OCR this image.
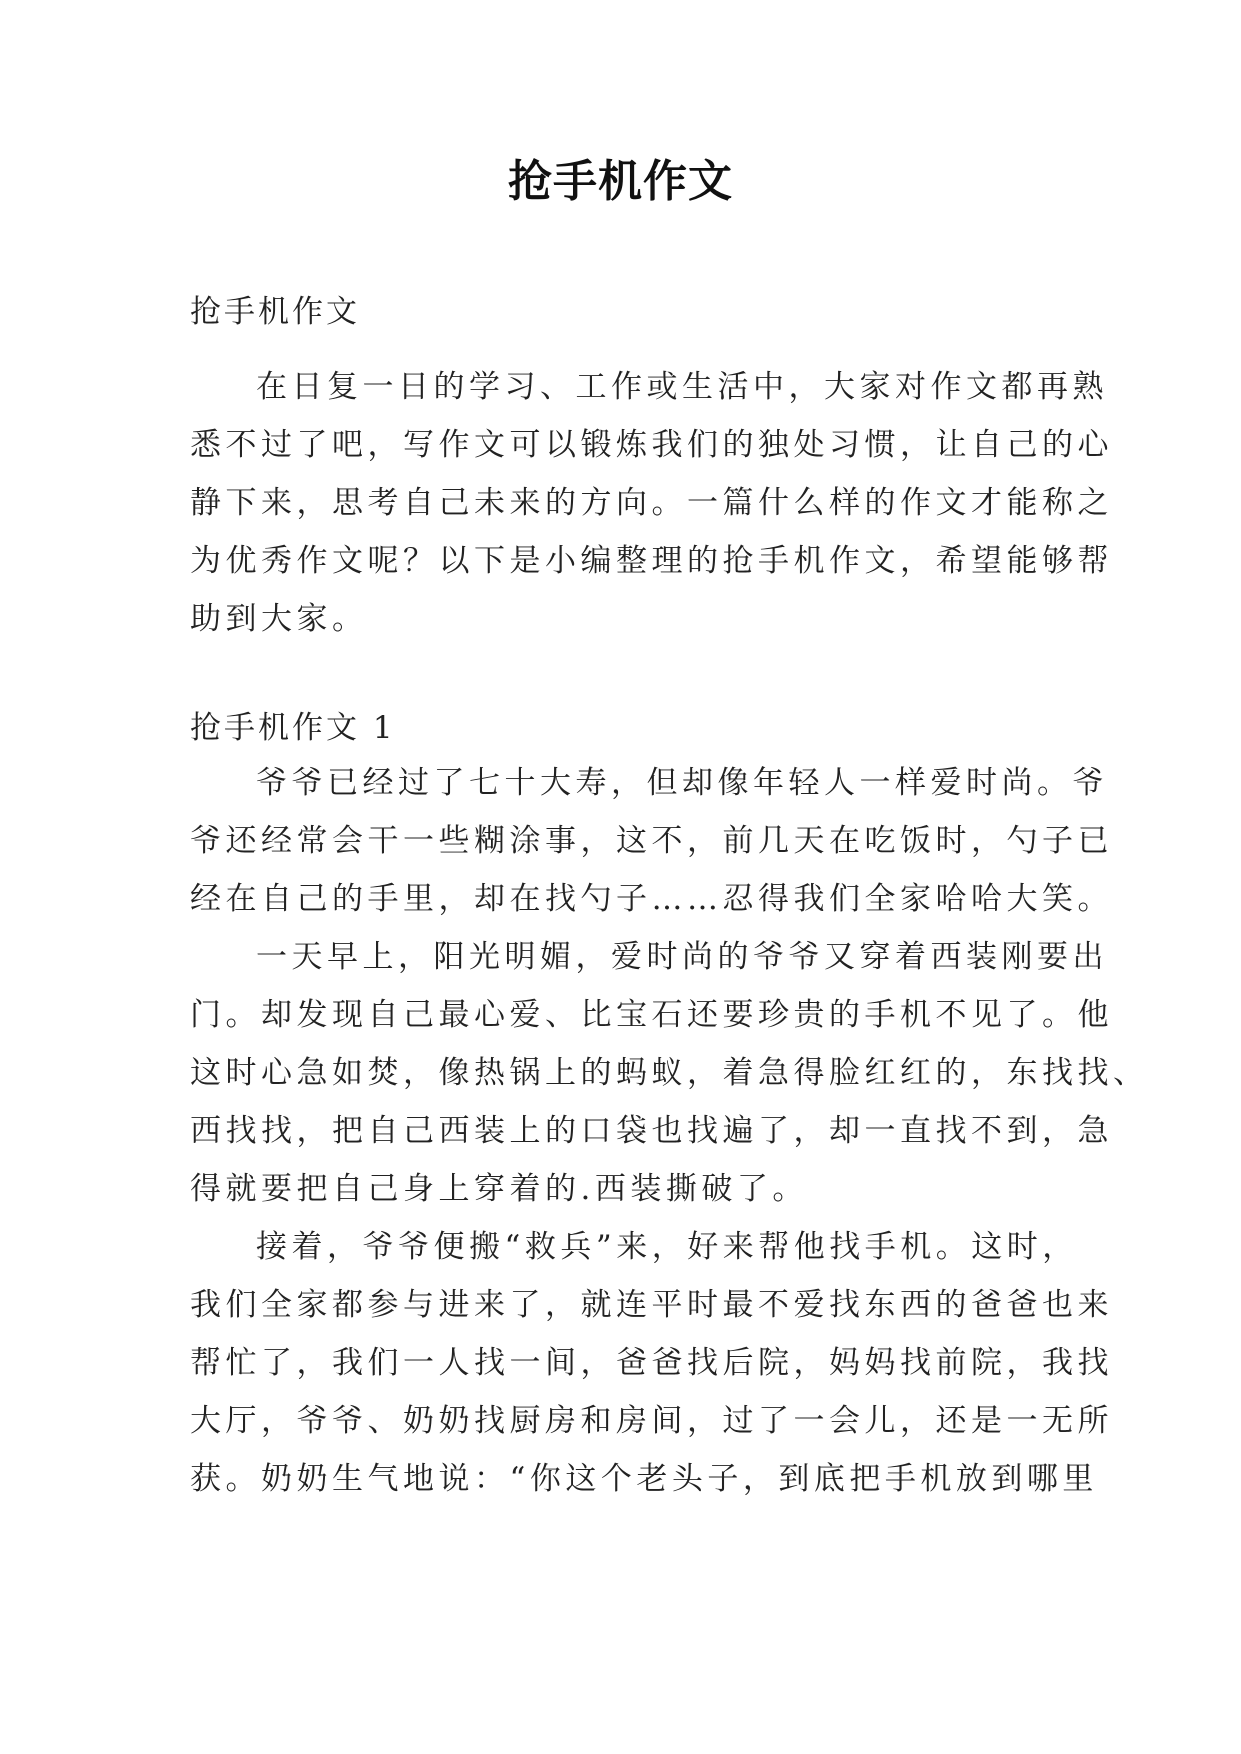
抢手机作文
抢手机作文
在日复一日的学习、工作或生活中，大家对作文都再熟
悉不过了吧，写作文可以锻炼我们的独处习惯，让自己的心
静下来，思考自己未来的方向。一篇什么样的作文才能称之
为优秀作文呢？以下是小编整理的抢手机作文，希望能够帮
助到大家。
抢手机作文 1
爷爷已经过了七十大寿，但却像年轻人一样爱时尚。爷
爷还经常会干一些糊涂事，这不，前几天在吃饭时，勺子已
经在自己的手里，却在找勺子……忍得我们全家哈哈大笑。
一天早上，阳光明媚，爱时尚的爷爷又穿着西装刚要出
门。却发现自己最心爱、比宝石还要珍贵的手机不见了。他
这时心急如焚，像热锅上的蚂蚁，着急得脸红红的，东找找、
西找找，把自己西装上的口袋也找遍了，却一直找不到，急
得就要把自己身上穿着的.西装撕破了。
接着，爷爷便搬“救兵”来，好来帮他找手机。这时，
我们全家都参与进来了，就连平时最不爱找东西的爸爸也来
帮忙了，我们一人找一间，爸爸找后院，妈妈找前院，我找
大厅，爷爷、奶奶找厨房和房间，过了一会儿，还是一无所
获。奶奶生气地说：“你这个老头子，到底把手机放到哪里
